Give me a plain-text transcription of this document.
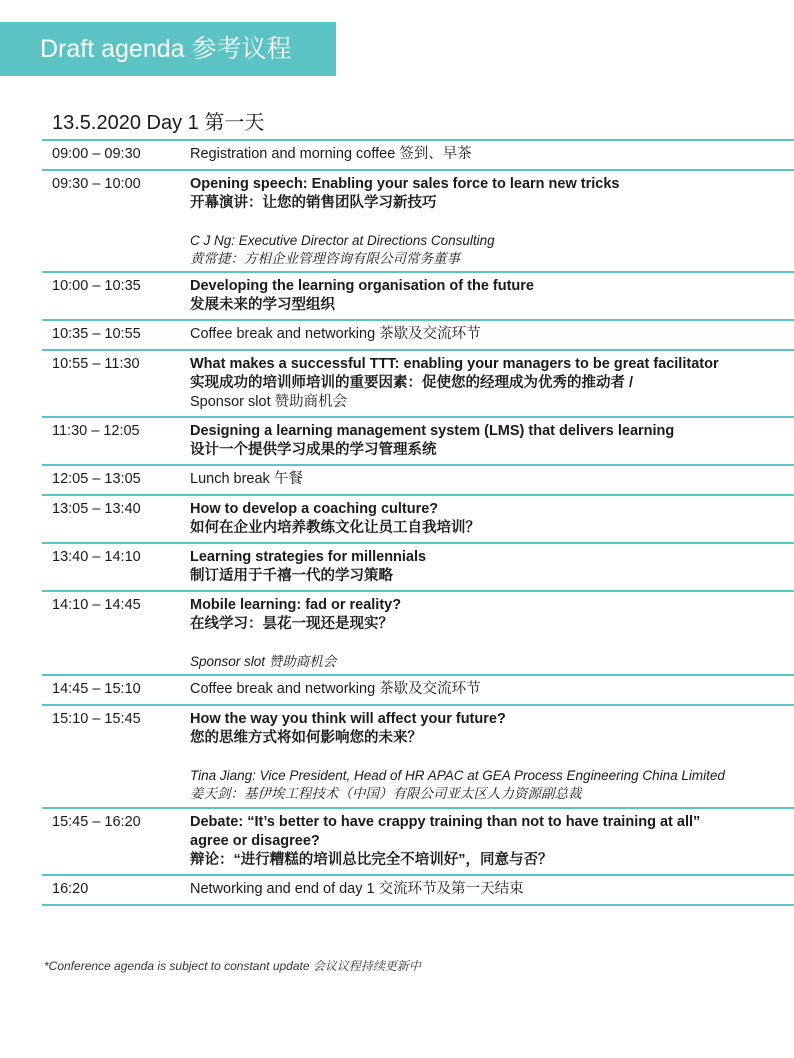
Draft agenda 参考议程
13.5.2020 Day 1 第一天
09:00 – 09:30	Registration and morning coffee 签到、早茶
09:30 – 10:00	Opening speech: Enabling your sales force to learn new tricks
开幕演讲：让您的销售团队学习新技巧
C J Ng: Executive Director at Directions Consulting
黄常捷：方相企业管理咨询有限公司常务董事
10:00 – 10:35	Developing the learning organisation of the future
发展未来的学习型组织
10:35 – 10:55	Coffee break and networking 茶歇及交流环节
10:55 – 11:30	What makes a successful TTT: enabling your managers to be great facilitator
实现成功的培训师培训的重要因素：促使您的经理成为优秀的推动者 /
Sponsor slot 赞助商机会
11:30 – 12:05	Designing a learning management system (LMS) that delivers learning
设计一个提供学习成果的学习管理系统
12:05 – 13:05	Lunch break 午餐
13:05 – 13:40	How to develop a coaching culture?
如何在企业内培养教练文化让员工自我培训？
13:40 – 14:10	Learning strategies for millennials
制订适用于千禧一代的学习策略
14:10 – 14:45	Mobile learning: fad or reality?
在线学习：昙花一现还是现实？
Sponsor slot 赞助商机会
14:45 – 15:10	Coffee break and networking 茶歇及交流环节
15:10 – 15:45	How the way you think will affect your future?
您的思维方式将如何影响您的未来？
Tina Jiang: Vice President, Head of HR APAC at GEA Process Engineering China Limited
姜天剑：基伊埃工程技术（中国）有限公司亚太区人力资源副总裁
15:45 – 16:20	Debate: “It’s better to have crappy training than not to have training at all”
agree or disagree?
辩论：“进行糟糕的培训总比完全不培训好”，同意与否？
16:20	Networking and end of day 1 交流环节及第一天结束
*Conference agenda is subject to constant update 会议议程持续更新中
